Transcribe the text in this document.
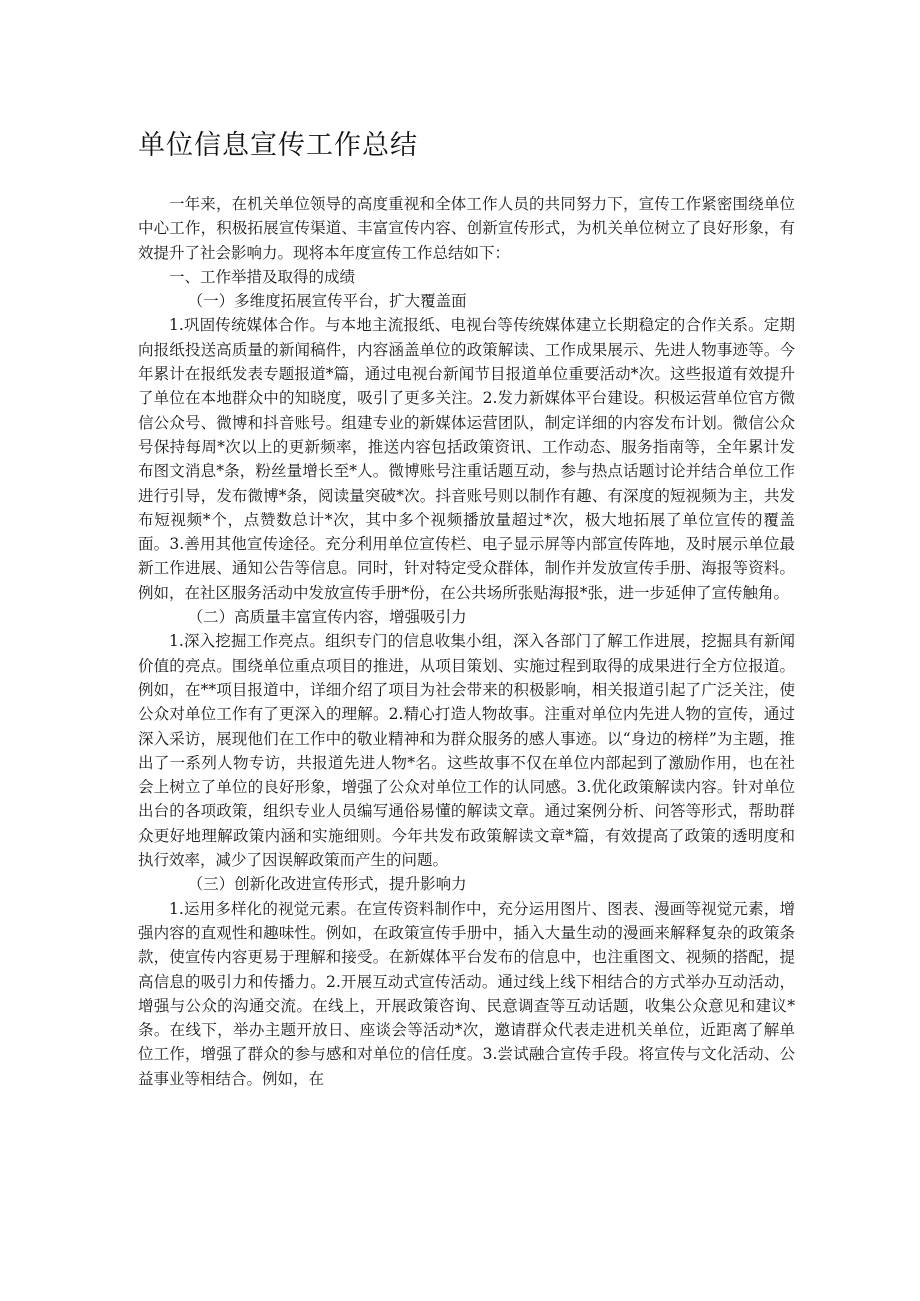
单位信息宣传工作总结

一年来，在机关单位领导的高度重视和全体工作人员的共同努力下，宣传工作紧密围绕单位中心工作，积极拓展宣传渠道、丰富宣传内容、创新宣传形式，为机关单位树立了良好形象，有效提升了社会影响力。现将本年度宣传工作总结如下：

一、工作举措及取得的成绩

（一）多维度拓展宣传平台，扩大覆盖面

1.巩固传统媒体合作。与本地主流报纸、电视台等传统媒体建立长期稳定的合作关系。定期向报纸投送高质量的新闻稿件，内容涵盖单位的政策解读、工作成果展示、先进人物事迹等。今年累计在报纸发表专题报道*篇，通过电视台新闻节目报道单位重要活动*次。这些报道有效提升了单位在本地群众中的知晓度，吸引了更多关注。2.发力新媒体平台建设。积极运营单位官方微信公众号、微博和抖音账号。组建专业的新媒体运营团队，制定详细的内容发布计划。微信公众号保持每周*次以上的更新频率，推送内容包括政策资讯、工作动态、服务指南等，全年累计发布图文消息*条，粉丝量增长至*人。微博账号注重话题互动，参与热点话题讨论并结合单位工作进行引导，发布微博*条，阅读量突破*次。抖音账号则以制作有趣、有深度的短视频为主，共发布短视频*个，点赞数总计*次，其中多个视频播放量超过*次，极大地拓展了单位宣传的覆盖面。3.善用其他宣传途径。充分利用单位宣传栏、电子显示屏等内部宣传阵地，及时展示单位最新工作进展、通知公告等信息。同时，针对特定受众群体，制作并发放宣传手册、海报等资料。例如，在社区服务活动中发放宣传手册*份，在公共场所张贴海报*张，进一步延伸了宣传触角。

（二）高质量丰富宣传内容，增强吸引力

1.深入挖掘工作亮点。组织专门的信息收集小组，深入各部门了解工作进展，挖掘具有新闻价值的亮点。围绕单位重点项目的推进，从项目策划、实施过程到取得的成果进行全方位报道。例如，在**项目报道中，详细介绍了项目为社会带来的积极影响，相关报道引起了广泛关注，使公众对单位工作有了更深入的理解。2.精心打造人物故事。注重对单位内先进人物的宣传，通过深入采访，展现他们在工作中的敬业精神和为群众服务的感人事迹。以“身边的榜样”为主题，推出了一系列人物专访，共报道先进人物*名。这些故事不仅在单位内部起到了激励作用，也在社会上树立了单位的良好形象，增强了公众对单位工作的认同感。3.优化政策解读内容。针对单位出台的各项政策，组织专业人员编写通俗易懂的解读文章。通过案例分析、问答等形式，帮助群众更好地理解政策内涵和实施细则。今年共发布政策解读文章*篇，有效提高了政策的透明度和执行效率，减少了因误解政策而产生的问题。

（三）创新化改进宣传形式，提升影响力

1.运用多样化的视觉元素。在宣传资料制作中，充分运用图片、图表、漫画等视觉元素，增强内容的直观性和趣味性。例如，在政策宣传手册中，插入大量生动的漫画来解释复杂的政策条款，使宣传内容更易于理解和接受。在新媒体平台发布的信息中，也注重图文、视频的搭配，提高信息的吸引力和传播力。2.开展互动式宣传活动。通过线上线下相结合的方式举办互动活动，增强与公众的沟通交流。在线上，开展政策咨询、民意调查等互动话题，收集公众意见和建议*条。在线下，举办主题开放日、座谈会等活动*次，邀请群众代表走进机关单位，近距离了解单位工作，增强了群众的参与感和对单位的信任度。3.尝试融合宣传手段。将宣传与文化活动、公益事业等相结合。例如，在
